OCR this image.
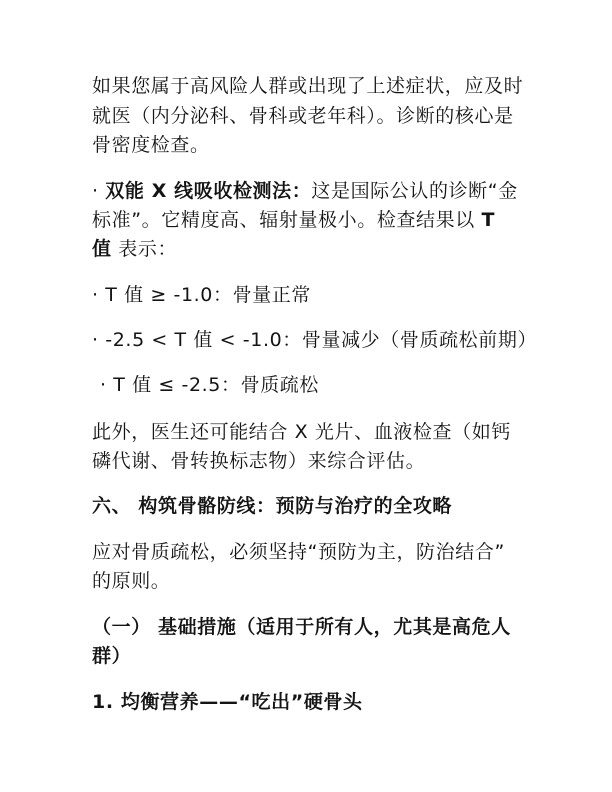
如果您属于高风险人群或出现了上述症状，应及时
就医（内分泌科、骨科或老年科）。诊断的核心是
骨密度检查。
· 双能 X 线吸收检测法：这是国际公认的诊断“金
标准”。它精度高、辐射量极小。检查结果以 T
值 表示：
· T 值 ≥ -1.0：骨量正常
· -2.5 < T 值 < -1.0：骨量减少（骨质疏松前期）
· T 值 ≤ -2.5：骨质疏松
此外，医生还可能结合 X 光片、血液检查（如钙
磷代谢、骨转换标志物）来综合评估。
六、 构筑骨骼防线：预防与治疗的全攻略
应对骨质疏松，必须坚持“预防为主，防治结合”
的原则。
（一） 基础措施（适用于所有人，尤其是高危人
群）
1. 均衡营养——“吃出”硬骨头
